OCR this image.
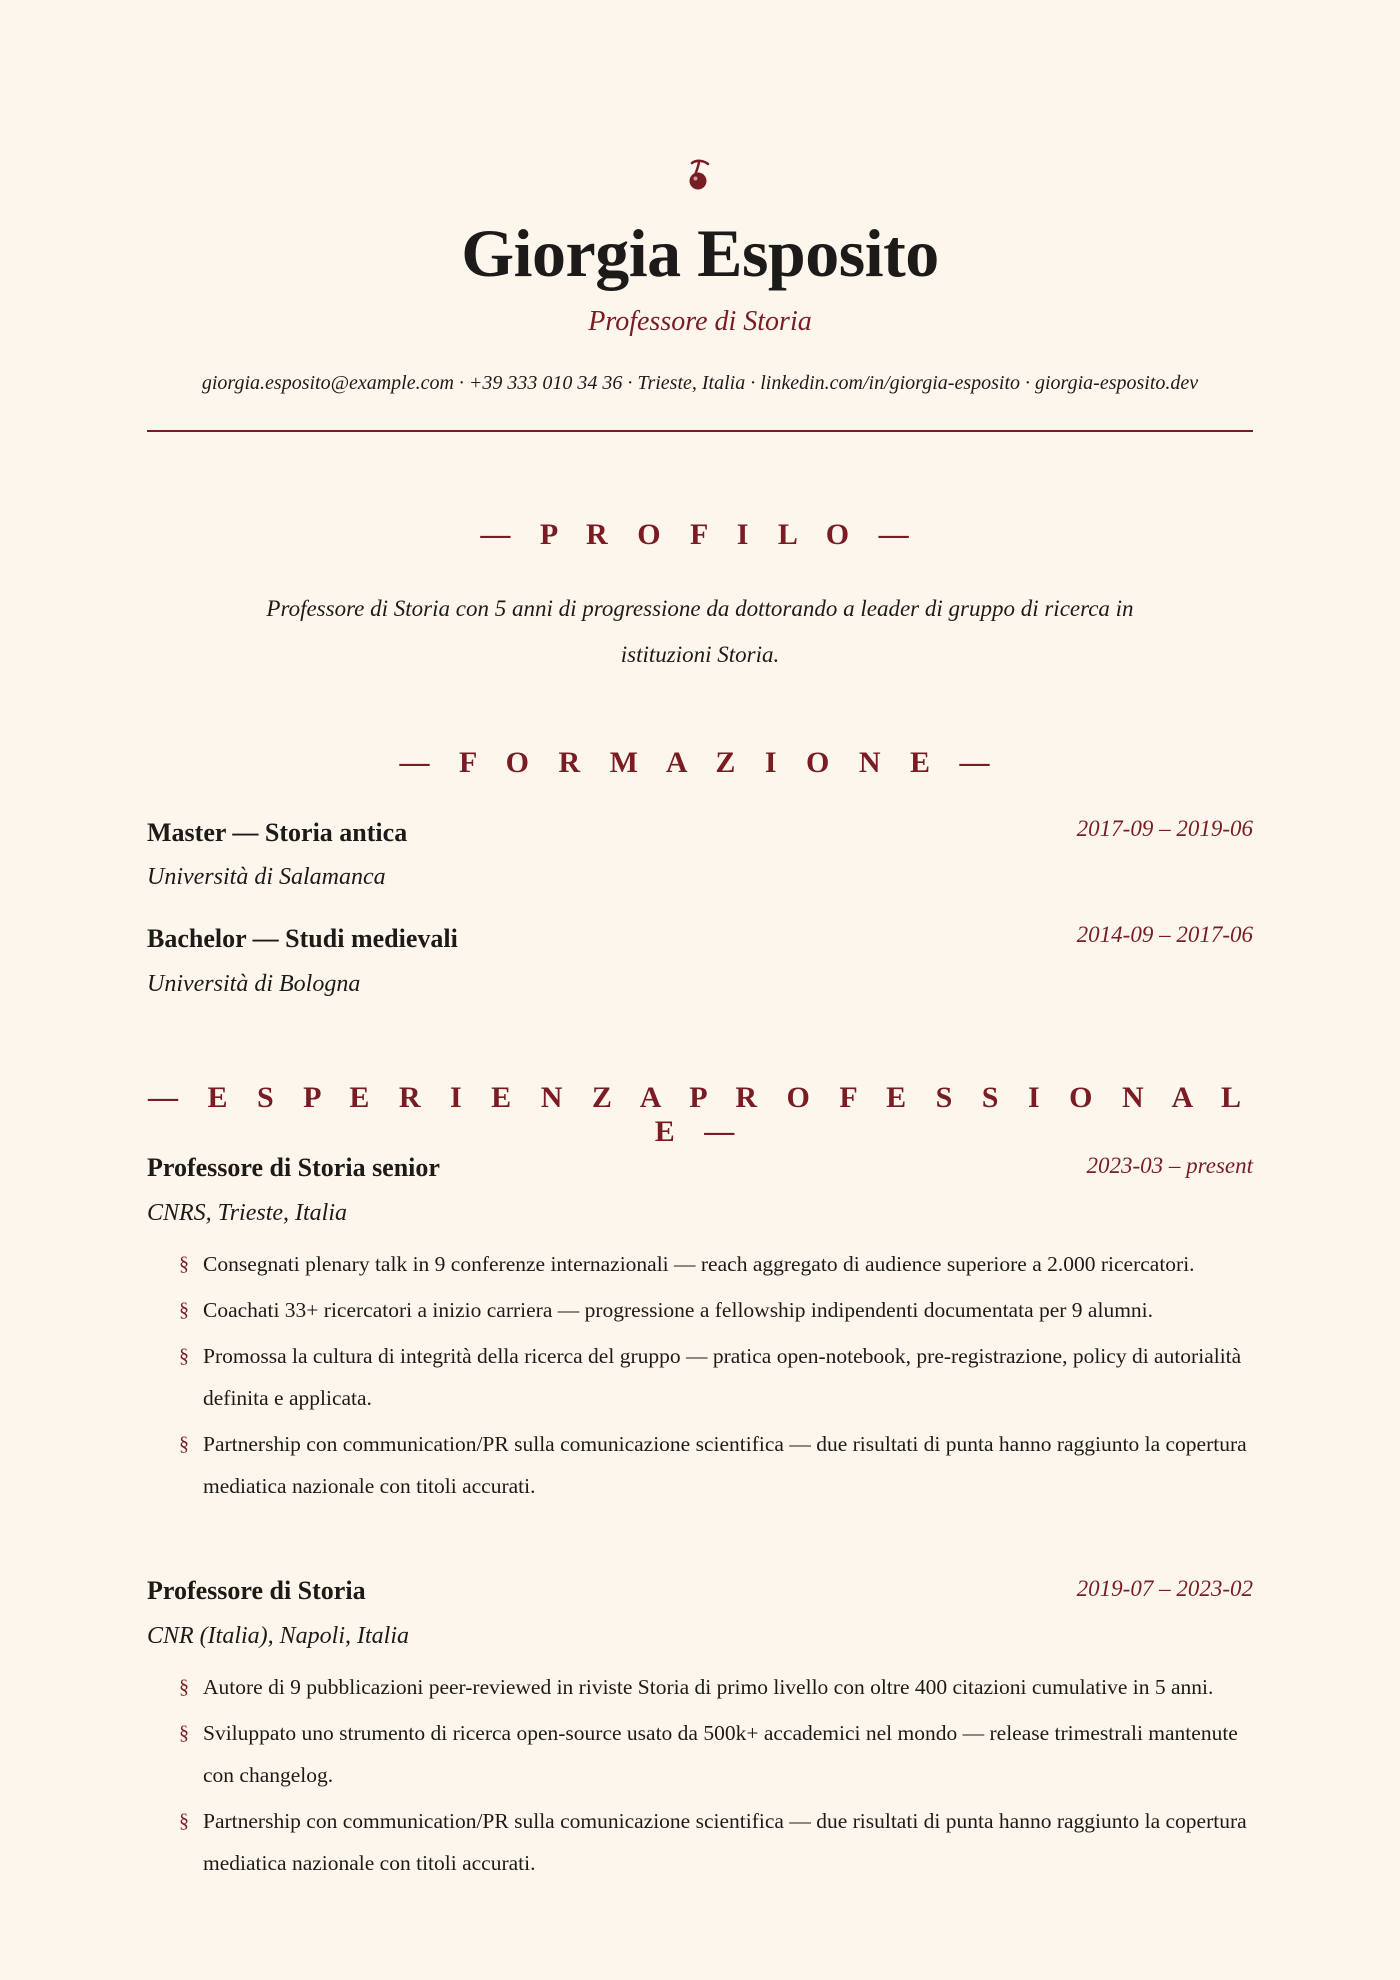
Giorgia Esposito
Professore di Storia
giorgia.esposito@example.com · +39 333 010 34 36 · Trieste, Italia · linkedin.com/in/giorgia-esposito · giorgia-esposito.dev
— P R O F I L O —
Professore di Storia con 5 anni di progressione da dottorando a leader di gruppo di ricerca in istituzioni Storia.
— F O R M A Z I O N E —
Master — Storia antica	2017-09 – 2019-06
Università di Salamanca
Bachelor — Studi medievali	2014-09 – 2017-06
Università di Bologna
— E S P E R I E N Z A P R O F E S S I O N A L E —
Professore di Storia senior	2023-03 – present
CNRS, Trieste, Italia
§ Consegnati plenary talk in 9 conferenze internazionali — reach aggregato di audience superiore a 2.000 ricercatori.
§ Coachati 33+ ricercatori a inizio carriera — progressione a fellowship indipendenti documentata per 9 alumni.
§ Promossa la cultura di integrità della ricerca del gruppo — pratica open-notebook, pre-registrazione, policy di autorialità definita e applicata.
§ Partnership con communication/PR sulla comunicazione scientifica — due risultati di punta hanno raggiunto la copertura mediatica nazionale con titoli accurati.
Professore di Storia	2019-07 – 2023-02
CNR (Italia), Napoli, Italia
§ Autore di 9 pubblicazioni peer-reviewed in riviste Storia di primo livello con oltre 400 citazioni cumulative in 5 anni.
§ Sviluppato uno strumento di ricerca open-source usato da 500k+ accademici nel mondo — release trimestrali mantenute con changelog.
§ Partnership con communication/PR sulla comunicazione scientifica — due risultati di punta hanno raggiunto la copertura mediatica nazionale con titoli accurati.
